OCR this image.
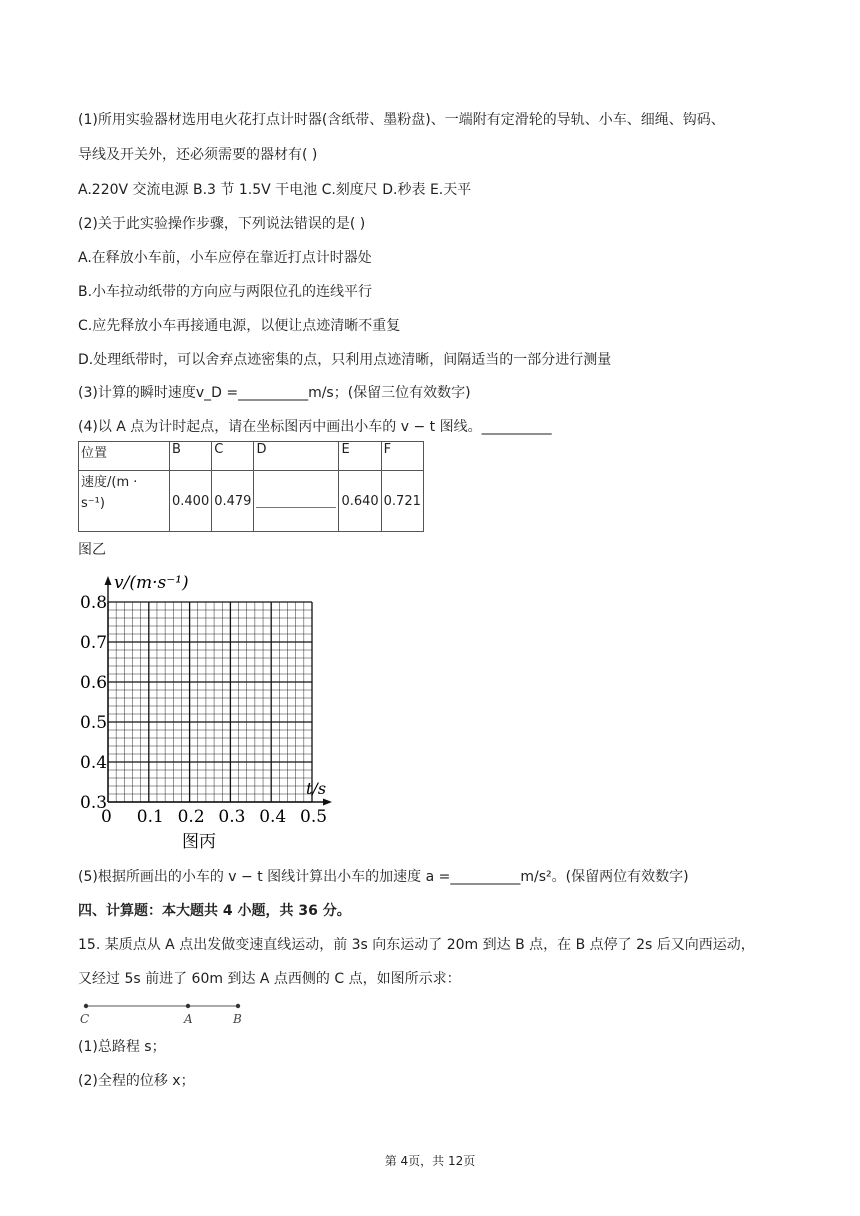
(1)所用实验器材选用电火花打点计时器(含纸带、墨粉盘)、一端附有定滑轮的导轨、小车、细绳、钩码、
导线及开关外，还必须需要的器材有( )
A.220V 交流电源 B.3 节 1.5V 干电池 C.刻度尺 D.秒表 E.天平
(2)关于此实验操作步骤，下列说法错误的是( )
A.在释放小车前，小车应停在靠近打点计时器处
B.小车拉动纸带的方向应与两限位孔的连线平行
C.应先释放小车再接通电源，以便让点迹清晰不重复
D.处理纸带时，可以舍弃点迹密集的点，只利用点迹清晰，间隔适当的一部分进行测量
(3)计算的瞬时速度v_D =__________m/s；(保留三位有效数字)
(4)以 A 点为计时起点，请在坐标图丙中画出小车的 v − t 图线。__________
位置	B	C	D	E	F

速度/(m ·
s⁻¹)	0.400	0.479		0.640	0.721
图乙
v/(m·s⁻¹)
t/s
0.8
0.7
0.6
0.5
0.4
0.3
0 0.1 0.2 0.3 0.4 0.5
图丙
(5)根据所画出的小车的 v − t 图线计算出小车的加速度 a =__________m/s²。(保留两位有效数字)
四、计算题：本大题共 4 小题，共 36 分。
15. 某质点从 A 点出发做变速直线运动，前 3s 向东运动了 20m 到达 B 点，在 B 点停了 2s 后又向西运动，
又经过 5s 前进了 60m 到达 A 点西侧的 C 点，如图所示求：
C	A	B
(1)总路程 s；
(2)全程的位移 x；
第 4页，共 12页
